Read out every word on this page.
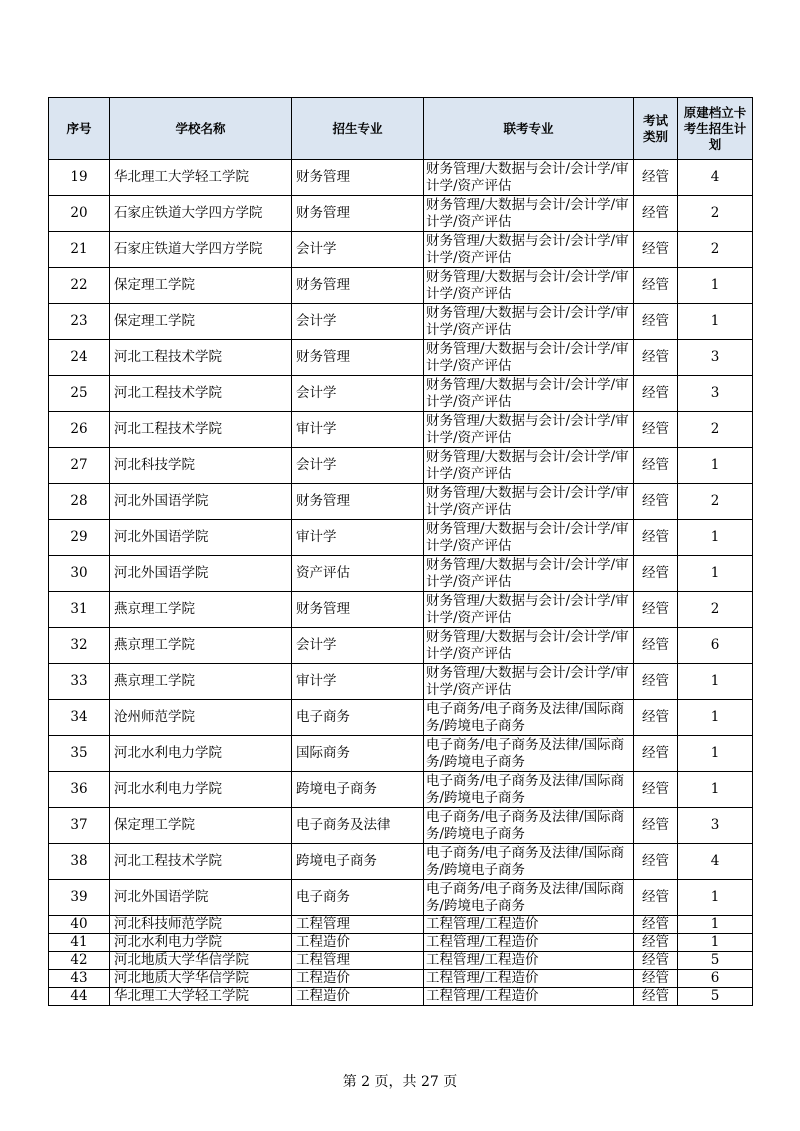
序号	学校名称	招生专业	联考专业	考试类别	原建档立卡考生招生计划

19	华北理工大学轻工学院	财务管理	财务管理/大数据与会计/会计学/审计学/资产评估	经管	4
20	石家庄铁道大学四方学院	财务管理	财务管理/大数据与会计/会计学/审计学/资产评估	经管	2
21	石家庄铁道大学四方学院	会计学	财务管理/大数据与会计/会计学/审计学/资产评估	经管	2
22	保定理工学院	财务管理	财务管理/大数据与会计/会计学/审计学/资产评估	经管	1
23	保定理工学院	会计学	财务管理/大数据与会计/会计学/审计学/资产评估	经管	1
24	河北工程技术学院	财务管理	财务管理/大数据与会计/会计学/审计学/资产评估	经管	3
25	河北工程技术学院	会计学	财务管理/大数据与会计/会计学/审计学/资产评估	经管	3
26	河北工程技术学院	审计学	财务管理/大数据与会计/会计学/审计学/资产评估	经管	2
27	河北科技学院	会计学	财务管理/大数据与会计/会计学/审计学/资产评估	经管	1
28	河北外国语学院	财务管理	财务管理/大数据与会计/会计学/审计学/资产评估	经管	2
29	河北外国语学院	审计学	财务管理/大数据与会计/会计学/审计学/资产评估	经管	1
30	河北外国语学院	资产评估	财务管理/大数据与会计/会计学/审计学/资产评估	经管	1
31	燕京理工学院	财务管理	财务管理/大数据与会计/会计学/审计学/资产评估	经管	2
32	燕京理工学院	会计学	财务管理/大数据与会计/会计学/审计学/资产评估	经管	6
33	燕京理工学院	审计学	财务管理/大数据与会计/会计学/审计学/资产评估	经管	1
34	沧州师范学院	电子商务	电子商务/电子商务及法律/国际商务/跨境电子商务	经管	1
35	河北水利电力学院	国际商务	电子商务/电子商务及法律/国际商务/跨境电子商务	经管	1
36	河北水利电力学院	跨境电子商务	电子商务/电子商务及法律/国际商务/跨境电子商务	经管	1
37	保定理工学院	电子商务及法律	电子商务/电子商务及法律/国际商务/跨境电子商务	经管	3
38	河北工程技术学院	跨境电子商务	电子商务/电子商务及法律/国际商务/跨境电子商务	经管	4
39	河北外国语学院	电子商务	电子商务/电子商务及法律/国际商务/跨境电子商务	经管	1
40	河北科技师范学院	工程管理	工程管理/工程造价	经管	1
41	河北水利电力学院	工程造价	工程管理/工程造价	经管	1
42	河北地质大学华信学院	工程管理	工程管理/工程造价	经管	5
43	河北地质大学华信学院	工程造价	工程管理/工程造价	经管	6
44	华北理工大学轻工学院	工程造价	工程管理/工程造价	经管	5
第 2 页，共 27 页
